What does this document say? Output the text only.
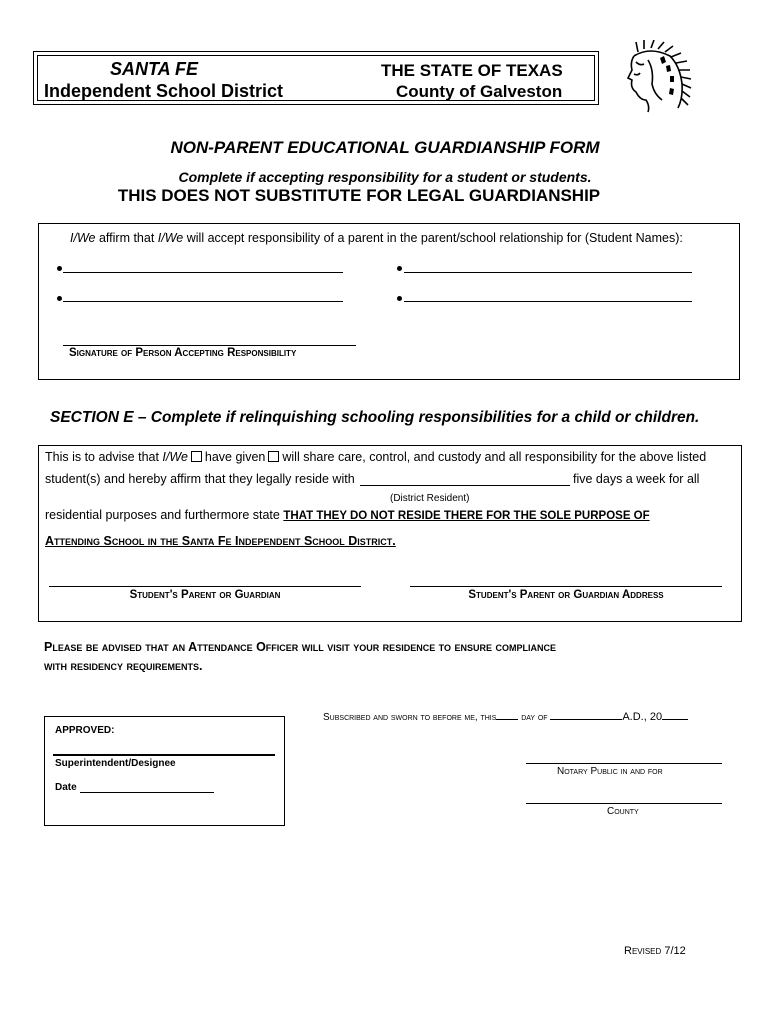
SANTA FE
Independent School District
THE STATE OF TEXAS
County of Galveston
NON-PARENT EDUCATIONAL GUARDIANSHIP FORM
Complete if accepting responsibility for a student or students.
THIS DOES NOT SUBSTITUTE FOR LEGAL GUARDIANSHIP
I/We affirm that I/We will accept responsibility of a parent in the parent/school relationship for (Student Names):
Signature of Person Accepting Responsibility
SECTION E – Complete if relinquishing schooling responsibilities for a child or children.
This is to advise that I/We have given will share care, control, and custody and all responsibility for the above listed
student(s) and hereby affirm that they legally reside with	five days a week for all
(District Resident)
residential purposes and furthermore state THAT THEY DO NOT RESIDE THERE FOR THE SOLE PURPOSE OF
Attending School in the Santa Fe Independent School District.
Student's Parent or Guardian	Student's Parent or Guardian Address
Please be advised that an Attendance Officer will visit your residence to ensure compliance
with residency requirements.
APPROVED:
Superintendent/Designee
Date
Subscribed and sworn to before me, this day of	A.D., 20
Notary Public in and for
County
Revised 7/12
